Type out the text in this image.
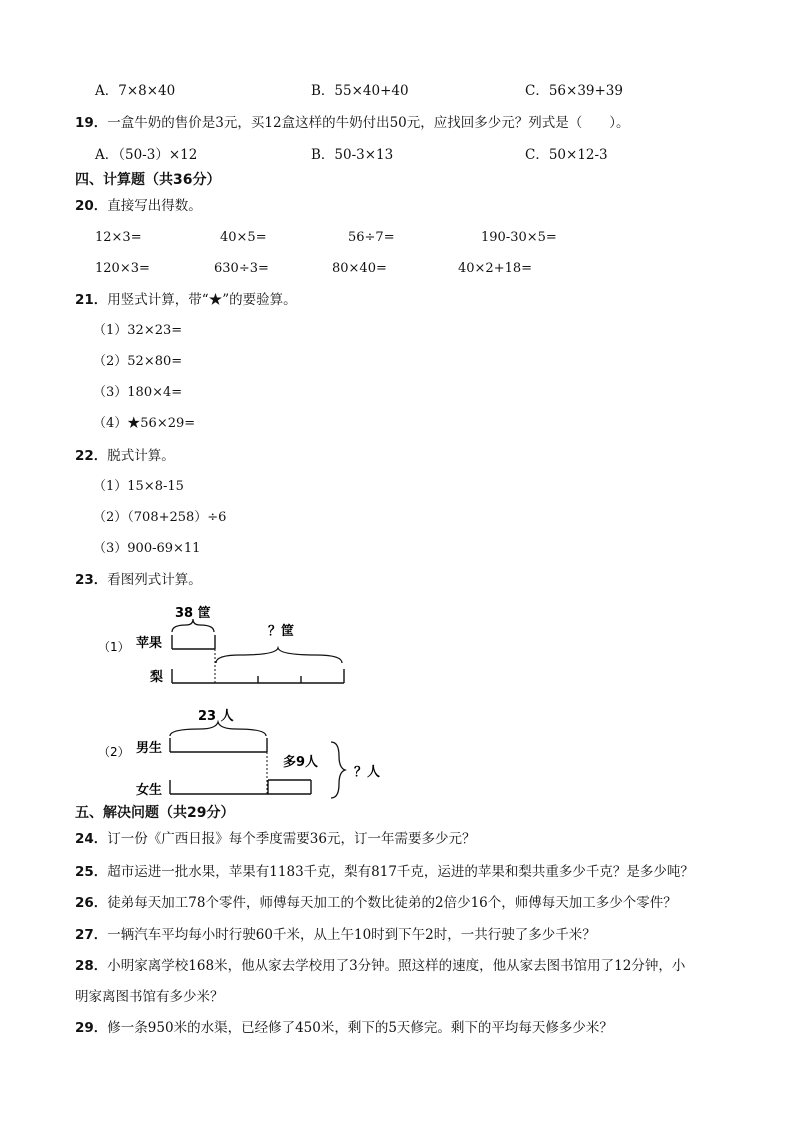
A．7×8×40	B．55×40+40	C．56×39+39
19．一盒牛奶的售价是3元，买12盒这样的牛奶付出50元，应找回多少元？列式是（　　）。
A．（50-3）×12	B．50-3×13	C．50×12-3
四、计算题（共36分）
20．直接写出得数。
12×3=	40×5=	56÷7=	190-30×5=
120×3=	630÷3=	80×40=	40×2+18=
21．用竖式计算，带“★”的要验算。
（1）32×23=
（2）52×80=
（3）180×4=
（4）★56×29=
22．脱式计算。
（1）15×8-15
（2）（708+258）÷6
（3）900-69×11
23．看图列式计算。
（1） 苹果
梨
38 筐
？筐
（2） 男生
女生
23 人
多9人
？人
五、解决问题（共29分）
24．订一份《广西日报》每个季度需要36元，订一年需要多少元？
25．超市运进一批水果，苹果有1183千克，梨有817千克，运进的苹果和梨共重多少千克？是多少吨？
26．徒弟每天加工78个零件，师傅每天加工的个数比徒弟的2倍少16个，师傅每天加工多少个零件？
27．一辆汽车平均每小时行驶60千米，从上午10时到下午2时，一共行驶了多少千米？
28．小明家离学校168米，他从家去学校用了3分钟。照这样的速度，他从家去图书馆用了12分钟，小
明家离图书馆有多少米？
29．修一条950米的水渠，已经修了450米，剩下的5天修完。剩下的平均每天修多少米？
